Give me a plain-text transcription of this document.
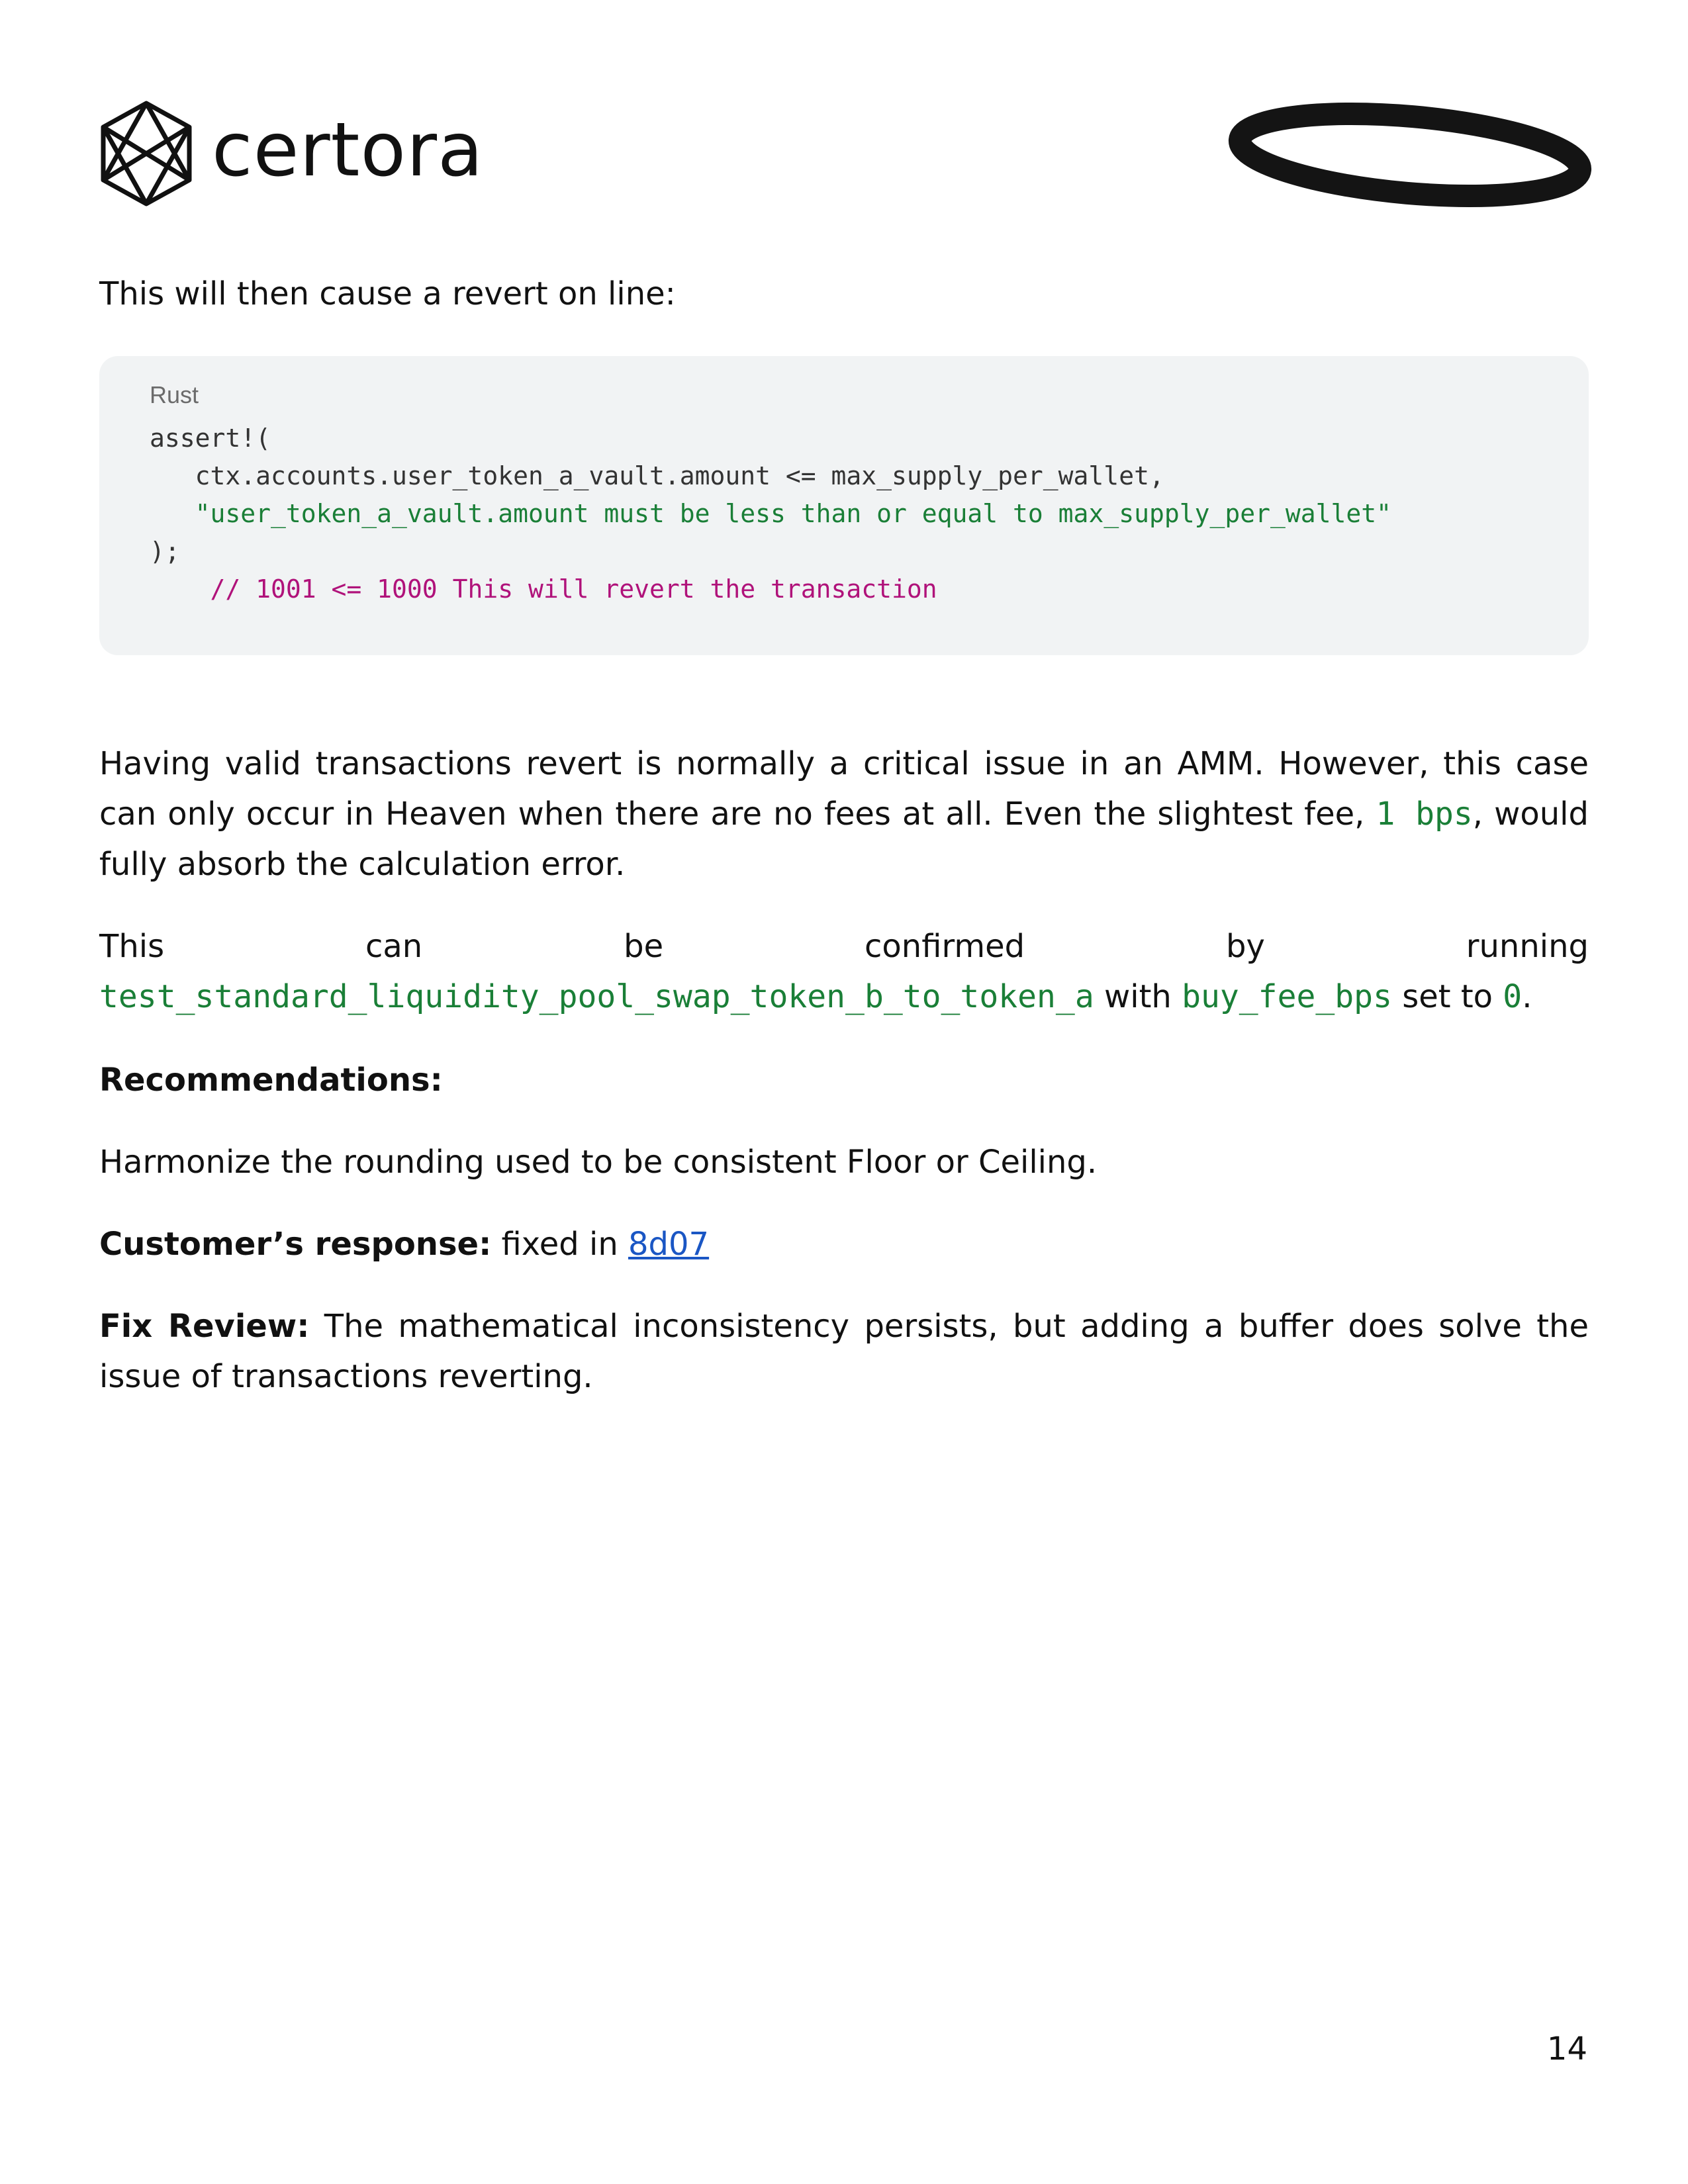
certora

This will then cause a revert on line:

Rust
assert!(
ctx.accounts.user_token_a_vault.amount <= max_supply_per_wallet,
"user_token_a_vault.amount must be less than or equal to max_supply_per_wallet"
);
// 1001 <= 1000 This will revert the transaction

Having valid transactions revert is normally a critical issue in an AMM. However, this case can only occur in Heaven when there are no fees at all. Even the slightest fee, 1 bps, would fully absorb the calculation error.

This can be confirmed by running test_standard_liquidity_pool_swap_token_b_to_token_a with buy_fee_bps set to 0.

Recommendations:

Harmonize the rounding used to be consistent Floor or Ceiling.

Customer’s response: fixed in 8d07

Fix Review: The mathematical inconsistency persists, but adding a buffer does solve the issue of transactions reverting.

14
